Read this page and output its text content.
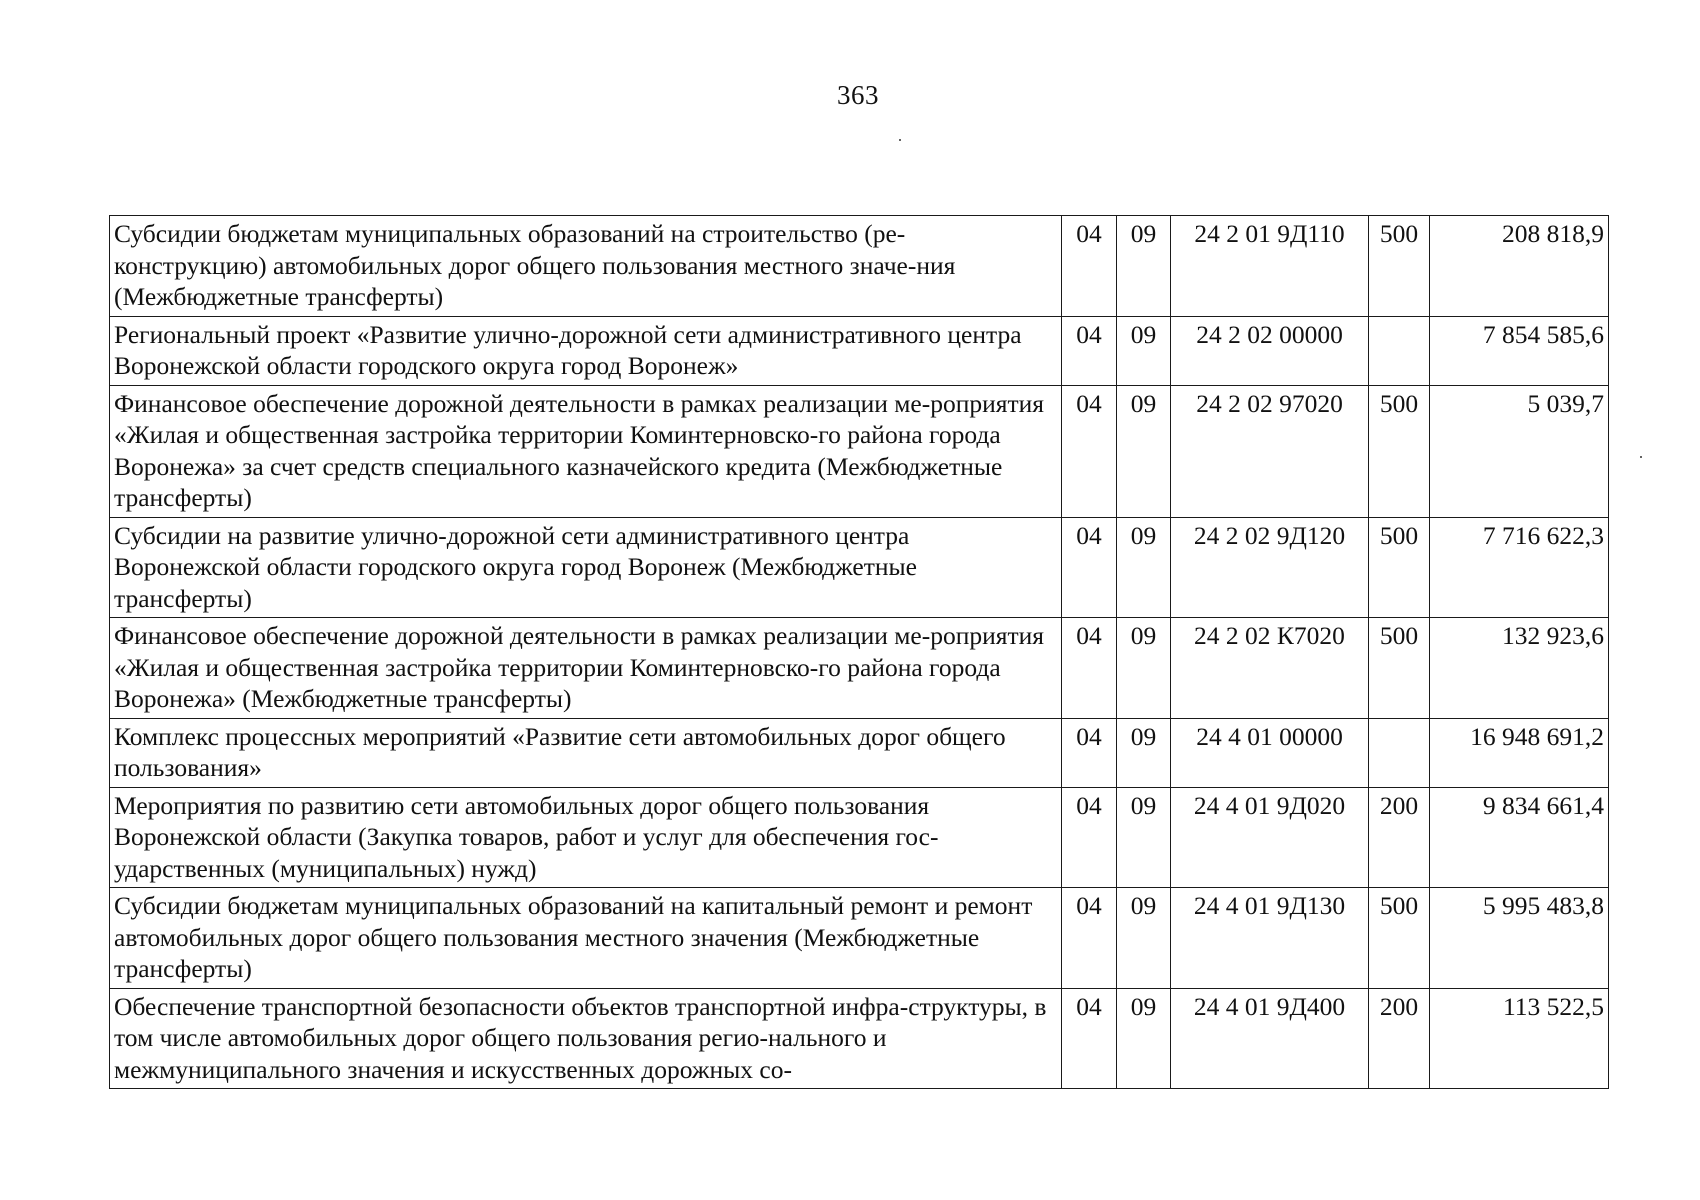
363
Субсидии бюджетам муниципальных образований на строительство (ре-конструкцию) автомобильных дорог общего пользования местного значе-ния (Межбюджетные трансферты)	04	09	24 2 01 9Д110	500	208 818,9
Региональный проект «Развитие улично-дорожной сети административного центра Воронежской области городского округа город Воронеж»	04	09	24 2 02 00000		7 854 585,6
Финансовое обеспечение дорожной деятельности в рамках реализации ме-роприятия «Жилая и общественная застройка территории Коминтерновско-го района города Воронежа» за счет средств специального казначейского кредита (Межбюджетные трансферты)	04	09	24 2 02 97020	500	5 039,7
Субсидии на развитие улично-дорожной сети административного центра Воронежской области городского округа город Воронеж (Межбюджетные трансферты)	04	09	24 2 02 9Д120	500	7 716 622,3
Финансовое обеспечение дорожной деятельности в рамках реализации ме-роприятия «Жилая и общественная застройка территории Коминтерновско-го района города Воронежа» (Межбюджетные трансферты)	04	09	24 2 02 К7020	500	132 923,6
Комплекс процессных мероприятий «Развитие сети автомобильных дорог общего пользования»	04	09	24 4 01 00000		16 948 691,2
Мероприятия по развитию сети автомобильных дорог общего пользования Воронежской области (Закупка товаров, работ и услуг для обеспечения гос-ударственных (муниципальных) нужд)	04	09	24 4 01 9Д020	200	9 834 661,4
Субсидии бюджетам муниципальных образований на капитальный ремонт и ремонт автомобильных дорог общего пользования местного значения (Межбюджетные трансферты)	04	09	24 4 01 9Д130	500	5 995 483,8
Обеспечение транспортной безопасности объектов транспортной инфра-структуры, в том числе автомобильных дорог общего пользования регио-нального и межмуниципального значения и искусственных дорожных со-	04	09	24 4 01 9Д400	200	113 522,5
